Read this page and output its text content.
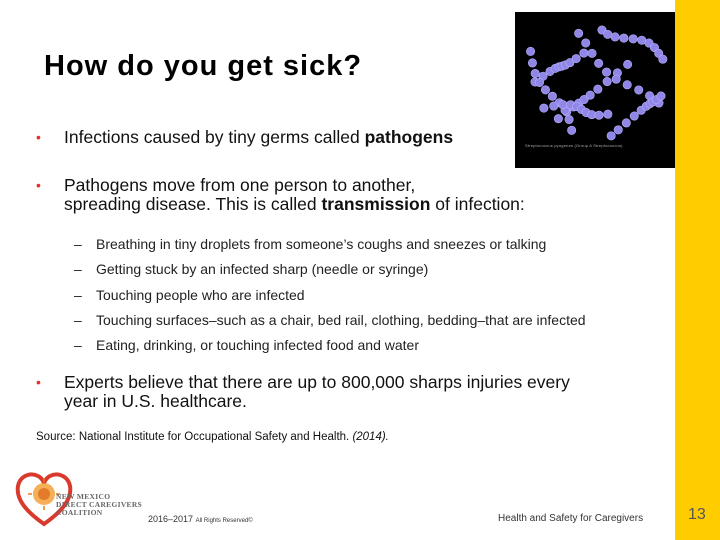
How do you get sick?
Streptococcus pyogenes (Group A Streptococcus)
• Infections caused by tiny germs called pathogens
• Pathogens move from one person to another,
spreading disease. This is called transmission of infection:
– Breathing in tiny droplets from someone’s coughs and sneezes or talking
– Getting stuck by an infected sharp (needle or syringe)
– Touching people who are infected
– Touching surfaces–such as a chair, bed rail, clothing, bedding–that are infected
– Eating, drinking, or touching infected food and water
• Experts believe that there are up to 800,000 sharps injuries every
year in U.S. healthcare.
Source: National Institute for Occupational Safety and Health. (2014).
NEW MEXICO
DIRECT CAREGIVERS
COALITION
2016–2017 All Rights Reserved©	Health and Safety for Caregivers	13
